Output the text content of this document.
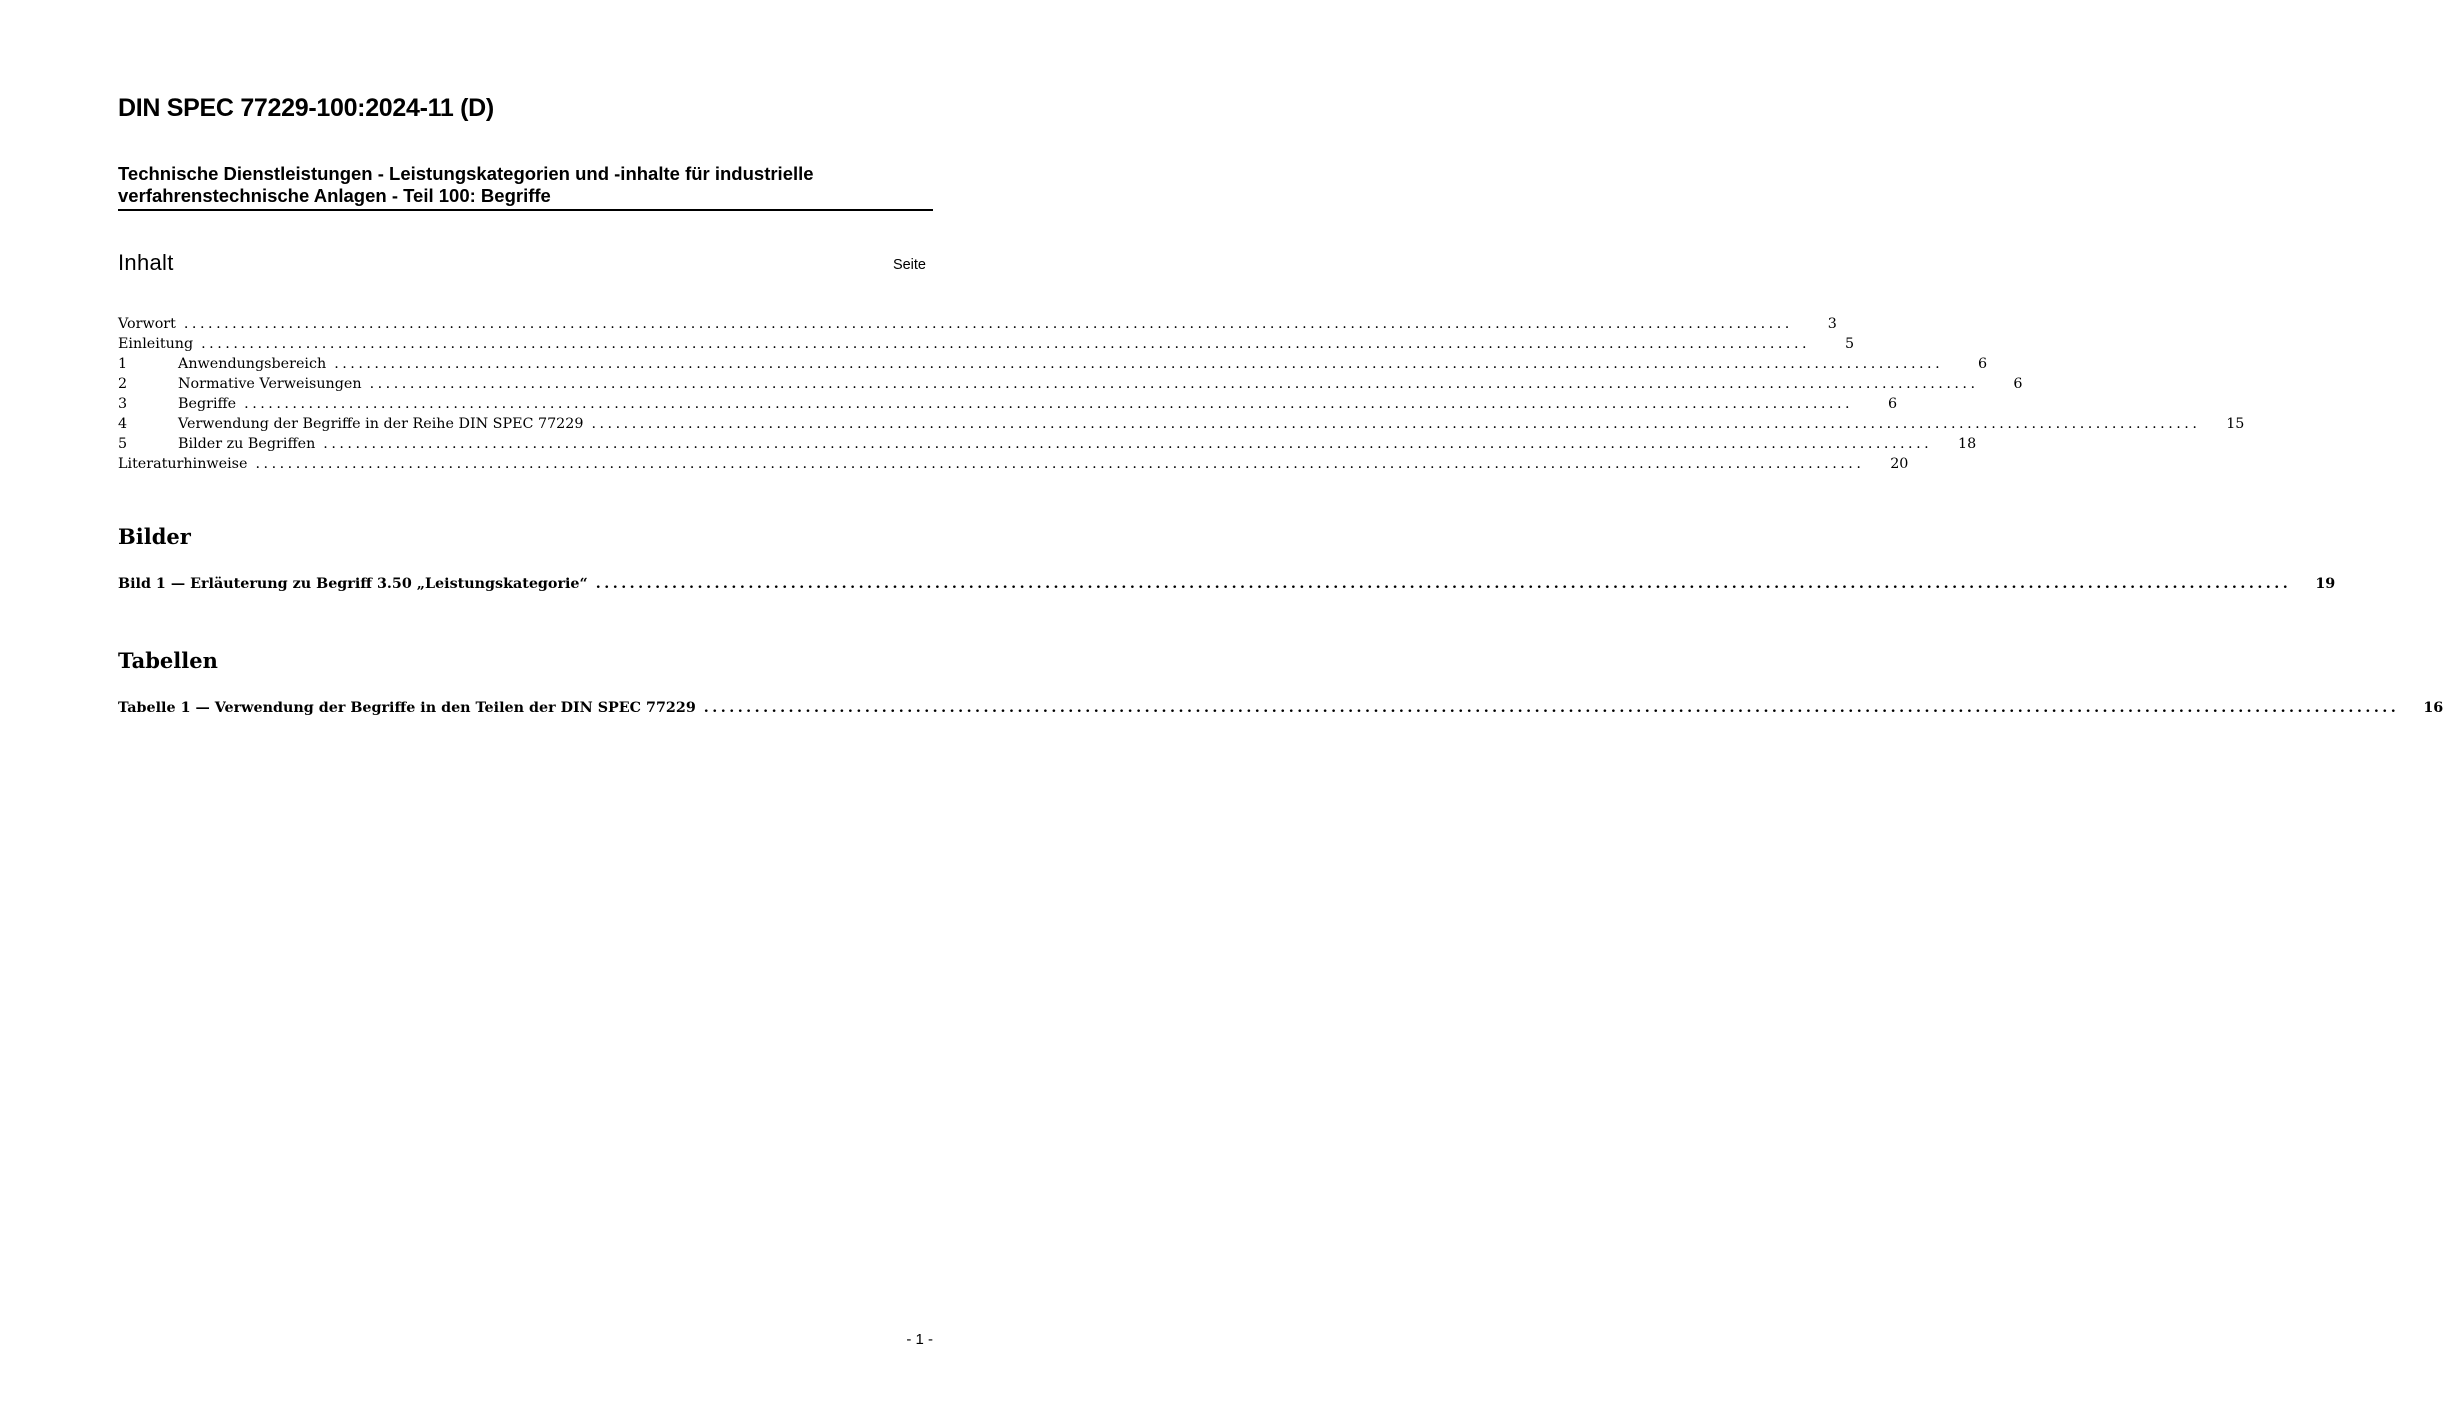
DIN SPEC 77229-100:2024-11 (D)
Technische Dienstleistungen - Leistungskategorien und -inhalte für industrielle
verfahrenstechnische Anlagen - Teil 100: Begriffe
Inhalt	Seite
Vorwort ........................................................................................................................................................................................................	3
Einleitung ........................................................................................................................................................................................................	5
1	Anwendungsbereich ........................................................................................................................................................................................................	6
2	Normative Verweisungen ........................................................................................................................................................................................................	6
3	Begriffe ........................................................................................................................................................................................................	6
4	Verwendung der Begriffe in der Reihe DIN SPEC 77229 ........................................................................................................................................................................................................	15
5	Bilder zu Begriffen ........................................................................................................................................................................................................	18
Literaturhinweise ........................................................................................................................................................................................................	20
Bilder
Bild 1 — Erläuterung zu Begriff 3.50 „Leistungskategorie“ ........................................................................................................................................................................................................	19
Tabellen
Tabelle 1 — Verwendung der Begriffe in den Teilen der DIN SPEC 77229 ........................................................................................................................................................................................................	16
- 1 -
